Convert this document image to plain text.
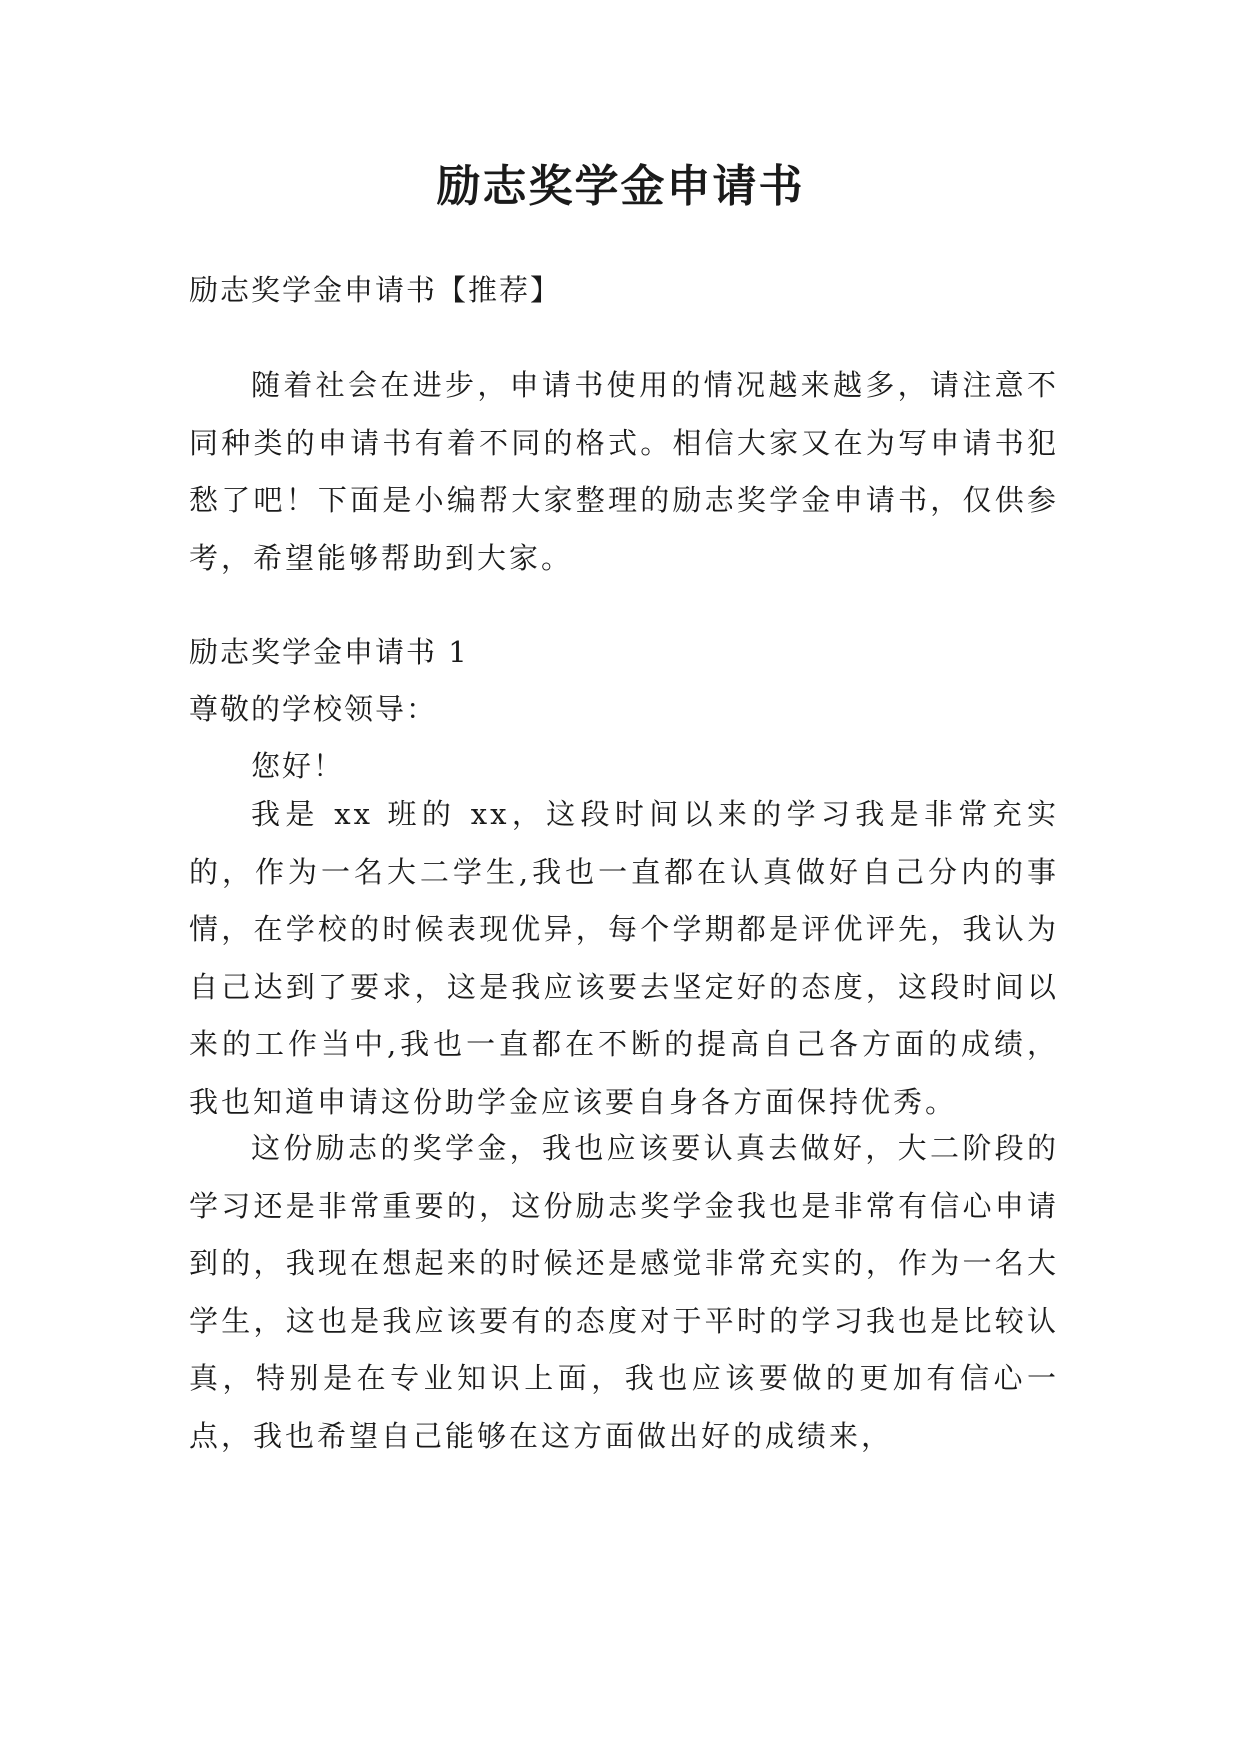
励志奖学金申请书

励志奖学金申请书【推荐】

随着社会在进步，申请书使用的情况越来越多，请注意不同种类的申请书有着不同的格式。相信大家又在为写申请书犯愁了吧！下面是小编帮大家整理的励志奖学金申请书，仅供参考，希望能够帮助到大家。

励志奖学金申请书 1

尊敬的学校领导：

您好！

我是 xx 班的 xx，这段时间以来的学习我是非常充实的，作为一名大二学生,我也一直都在认真做好自己分内的事情，在学校的时候表现优异，每个学期都是评优评先，我认为自己达到了要求，这是我应该要去坚定好的态度，这段时间以来的工作当中,我也一直都在不断的提高自己各方面的成绩，我也知道申请这份助学金应该要自身各方面保持优秀。

这份励志的奖学金，我也应该要认真去做好，大二阶段的学习还是非常重要的，这份励志奖学金我也是非常有信心申请到的，我现在想起来的时候还是感觉非常充实的，作为一名大学生，这也是我应该要有的态度对于平时的学习我也是比较认真，特别是在专业知识上面，我也应该要做的更加有信心一点，我也希望自己能够在这方面做出好的成绩来，
